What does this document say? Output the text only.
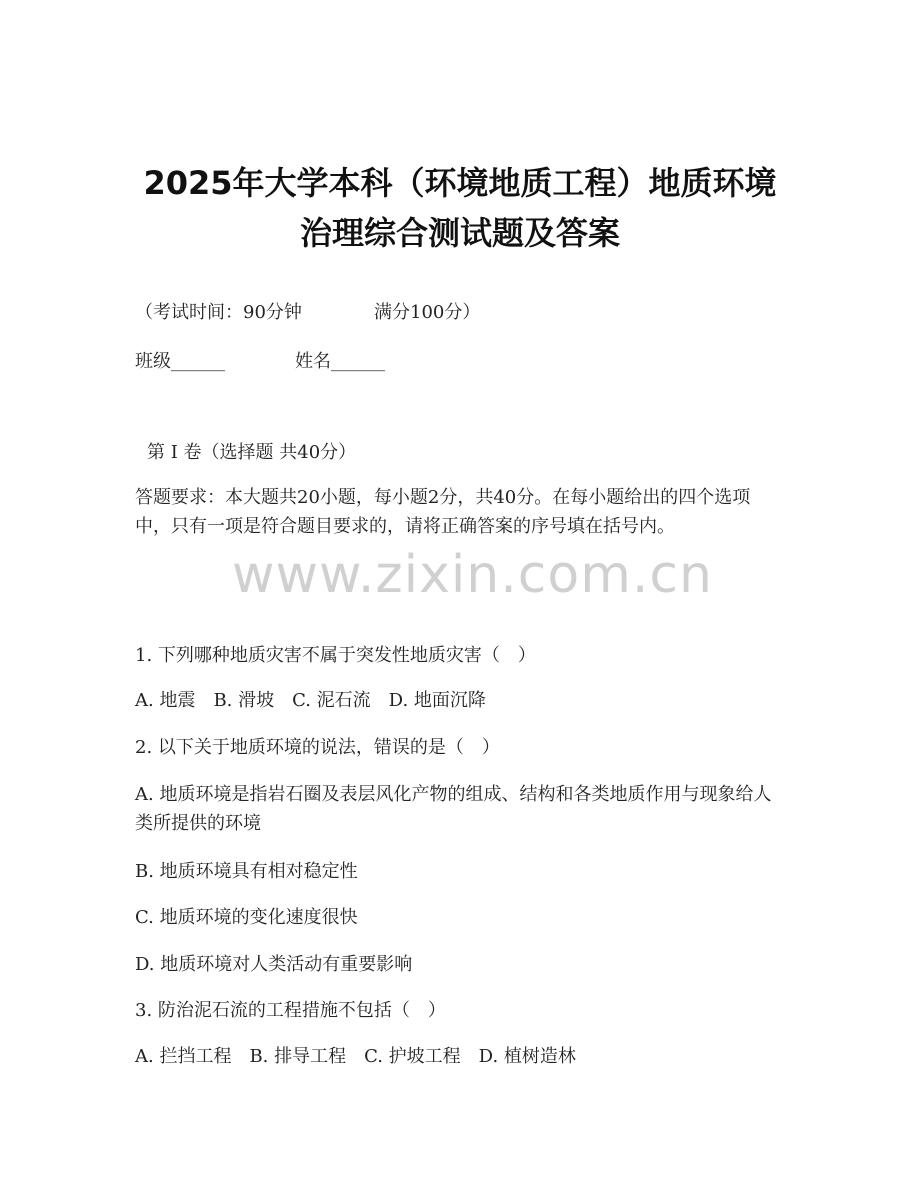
2025年大学本科（环境地质工程）地质环境
治理综合测试题及答案
（考试时间：90分钟	满分100分）
班级______	姓名______
第 I 卷（选择题 共40分）
答题要求：本大题共20小题，每小题2分，共40分。在每小题给出的四个选项中，只有一项是符合题目要求的，请将正确答案的序号填在括号内。
www.zixin.com.cn
1. 下列哪种地质灾害不属于突发性地质灾害（　）
A. 地震　B. 滑坡　C. 泥石流　D. 地面沉降
2. 以下关于地质环境的说法，错误的是（　）
A. 地质环境是指岩石圈及表层风化产物的组成、结构和各类地质作用与现象给人类所提供的环境
B. 地质环境具有相对稳定性
C. 地质环境的变化速度很快
D. 地质环境对人类活动有重要影响
3. 防治泥石流的工程措施不包括（　）
A. 拦挡工程　B. 排导工程　C. 护坡工程　D. 植树造林
